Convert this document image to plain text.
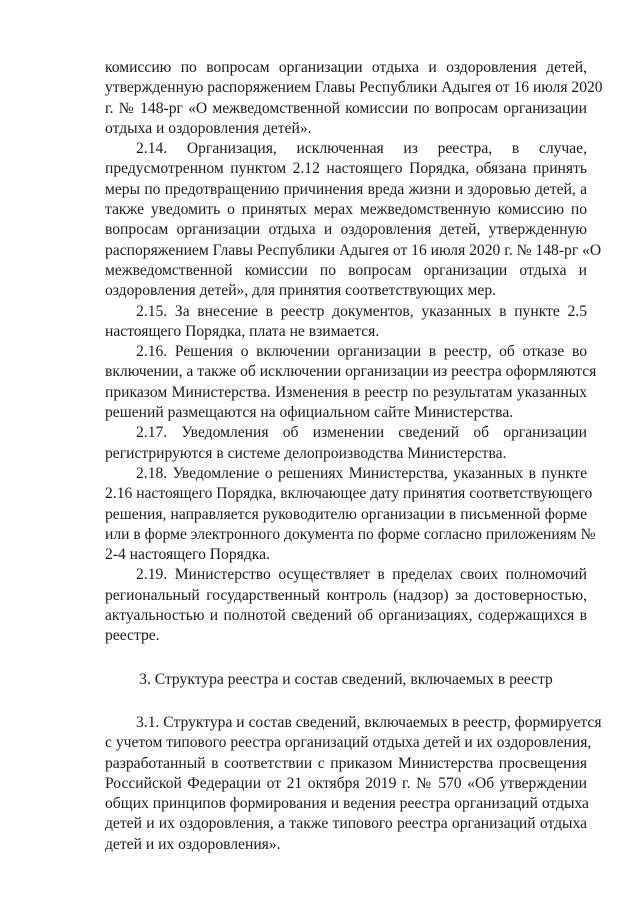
комиссию по вопросам организации отдыха и оздоровления детей,
утвержденную распоряжением Главы Республики Адыгея от 16 июля 2020
г. № 148-рг «О межведомственной комиссии по вопросам организации
отдыха и оздоровления детей».

2.14. Организация, исключенная из реестра, в случае,
предусмотренном пунктом 2.12 настоящего Порядка, обязана принять
меры по предотвращению причинения вреда жизни и здоровью детей, а
также уведомить о принятых мерах межведомственную комиссию по
вопросам организации отдыха и оздоровления детей, утвержденную
распоряжением Главы Республики Адыгея от 16 июля 2020 г. № 148-рг «О
межведомственной комиссии по вопросам организации отдыха и
оздоровления детей», для принятия соответствующих мер.

2.15. За внесение в реестр документов, указанных в пункте 2.5
настоящего Порядка, плата не взимается.

2.16. Решения о включении организации в реестр, об отказе во
включении, а также об исключении организации из реестра оформляются
приказом Министерства. Изменения в реестр по результатам указанных
решений размещаются на официальном сайте Министерства.

2.17. Уведомления об изменении сведений об организации
регистрируются в системе делопроизводства Министерства.

2.18. Уведомление о решениях Министерства, указанных в пункте
2.16 настоящего Порядка, включающее дату принятия соответствующего
решения, направляется руководителю организации в письменной форме
или в форме электронного документа по форме согласно приложениям №
2-4 настоящего Порядка.

2.19. Министерство осуществляет в пределах своих полномочий
региональный государственный контроль (надзор) за достоверностью,
актуальностью и полнотой сведений об организациях, содержащихся в
реестре.

3. Структура реестра и состав сведений, включаемых в реестр

3.1. Структура и состав сведений, включаемых в реестр, формируется
с учетом типового реестра организаций отдыха детей и их оздоровления,
разработанный в соответствии с приказом Министерства просвещения
Российской Федерации от 21 октября 2019 г. № 570 «Об утверждении
общих принципов формирования и ведения реестра организаций отдыха
детей и их оздоровления, а также типового реестра организаций отдыха
детей и их оздоровления».
